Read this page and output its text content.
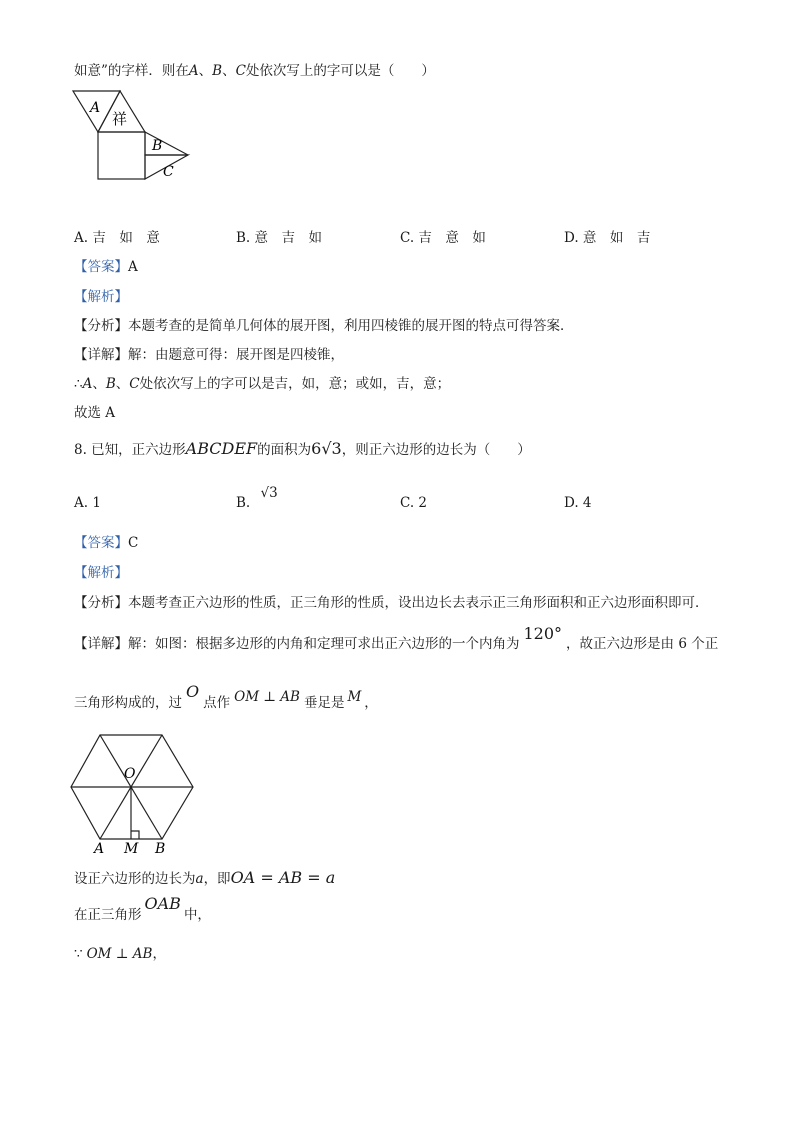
如意”的字样．则在A、B、C处依次写上的字可以是（　　）
A
祥
B
C
A. 吉　如　意	B. 意　吉　如	C. 吉　意　如	D. 意　如　吉
【答案】A
【解析】
【分析】本题考查的是简单几何体的展开图，利用四棱锥的展开图的特点可得答案．
【详解】解：由题意可得：展开图是四棱锥，
∴A、B、C处依次写上的字可以是吉，如，意；或如，吉，意；
故选 A
8. 已知，正六边形ABCDEF的面积为6√3，则正六边形的边长为（　　）
A. 1	B. √3
C. 2	D. 4
【答案】C
【解析】
【分析】本题考查正六边形的性质，正三角形的性质，设出边长去表示正三角形面积和正六边形面积即可．
【详解】解：如图：根据多边形的内角和定理可求出正六边形的一个内角为120°，故正六边形是由 6 个正
三角形构成的，过O点作 OM ⊥ AB 垂足是 M ，
O
A M B
设正六边形的边长为a，即OA = AB = a
在正三角形OAB中，
∵ OM ⊥ AB，
